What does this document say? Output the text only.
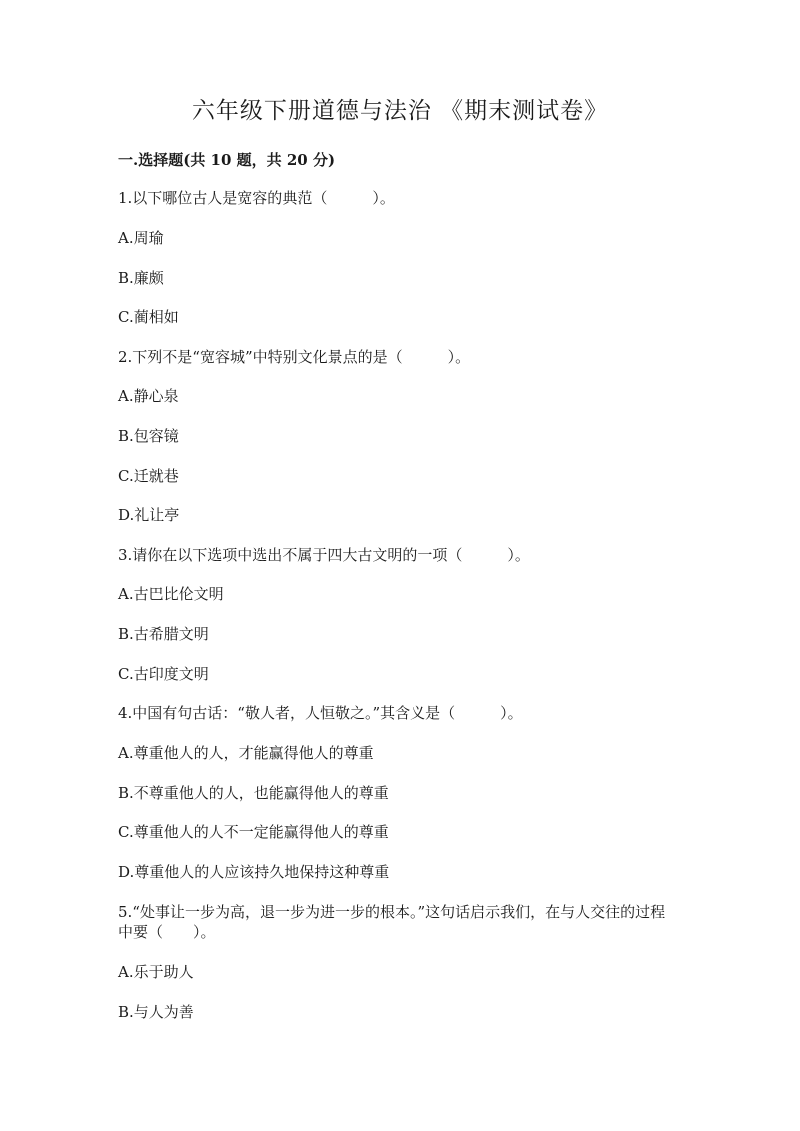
六年级下册道德与法治 《期末测试卷》
一.选择题(共 10 题，共 20 分)
1.以下哪位古人是宽容的典范（　　　）。
A.周瑜
B.廉颇
C.蔺相如
2.下列不是“宽容城”中特别文化景点的是（　　　）。
A.静心泉
B.包容镜
C.迁就巷
D.礼让亭
3.请你在以下选项中选出不属于四大古文明的一项（　　　）。
A.古巴比伦文明
B.古希腊文明
C.古印度文明
4.中国有句古话：“敬人者，人恒敬之。”其含义是（　　　）。
A.尊重他人的人，才能赢得他人的尊重
B.不尊重他人的人，也能赢得他人的尊重
C.尊重他人的人不一定能赢得他人的尊重
D.尊重他人的人应该持久地保持这种尊重
5.“处事让一步为高，退一步为进一步的根本。”这句话启示我们，在与人交往的过程中要（　　）。
A.乐于助人
B.与人为善
